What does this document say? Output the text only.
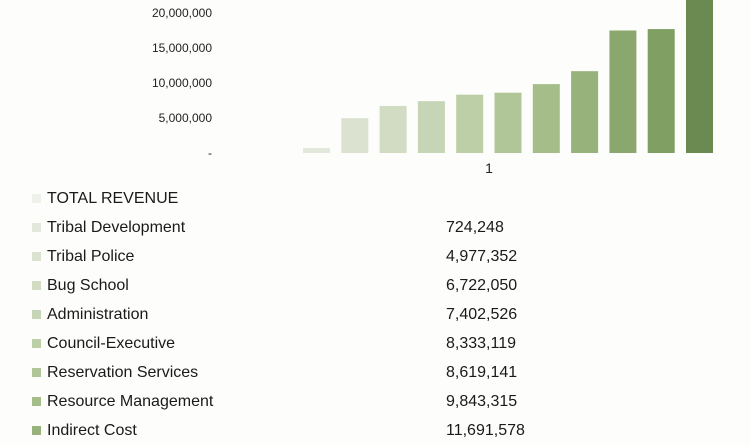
-
5,000,000
10,000,000
15,000,000
20,000,000
1
TOTAL REVENUE
Tribal Development	724,248
Tribal Police	4,977,352
Bug School	6,722,050
Administration	7,402,526
Council-Executive	8,333,119
Reservation Services	8,619,141
Resource Management	9,843,315
Indirect Cost	11,691,578
